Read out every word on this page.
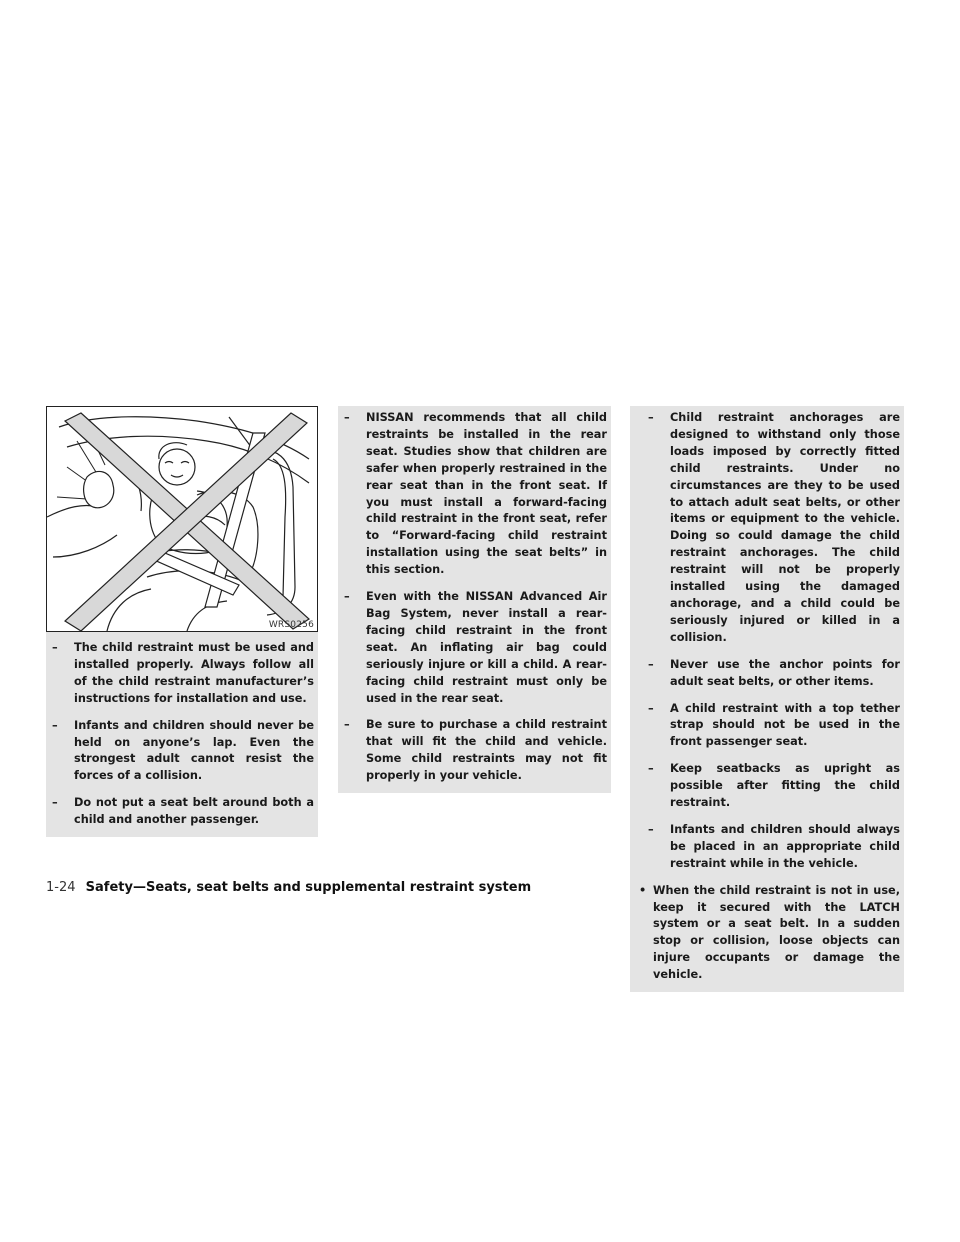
WRS0256
– The child restraint must be used and installed properly. Always follow all of the child restraint manufacturer’s instructions for installation and use.
– Infants and children should never be held on anyone’s lap. Even the strongest adult cannot resist the forces of a collision.
– Do not put a seat belt around both a child and another passenger.
– NISSAN recommends that all child restraints be installed in the rear seat. Studies show that children are safer when properly restrained in the rear seat than in the front seat. If you must install a forward-facing child restraint in the front seat, refer to “Forward-facing child restraint installation using the seat belts” in this section.
– Even with the NISSAN Advanced Air Bag System, never install a rear-facing child restraint in the front seat. An inflating air bag could seriously injure or kill a child. A rear-facing child restraint must only be used in the rear seat.
– Be sure to purchase a child restraint that will fit the child and vehicle. Some child restraints may not fit properly in your vehicle.
– Child restraint anchorages are designed to withstand only those loads imposed by correctly fitted child restraints. Under no circumstances are they to be used to attach adult seat belts, or other items or equipment to the vehicle. Doing so could damage the child restraint anchorages. The child restraint will not be properly installed using the damaged anchorage, and a child could be seriously injured or killed in a collision.
– Never use the anchor points for adult seat belts, or other items.
– A child restraint with a top tether strap should not be used in the front passenger seat.
– Keep seatbacks as upright as possible after fitting the child restraint.
– Infants and children should always be placed in an appropriate child restraint while in the vehicle.
• When the child restraint is not in use, keep it secured with the LATCH system or a seat belt. In a sudden stop or collision, loose objects can injure occupants or damage the vehicle.
1-24 Safety—Seats, seat belts and supplemental restraint system
